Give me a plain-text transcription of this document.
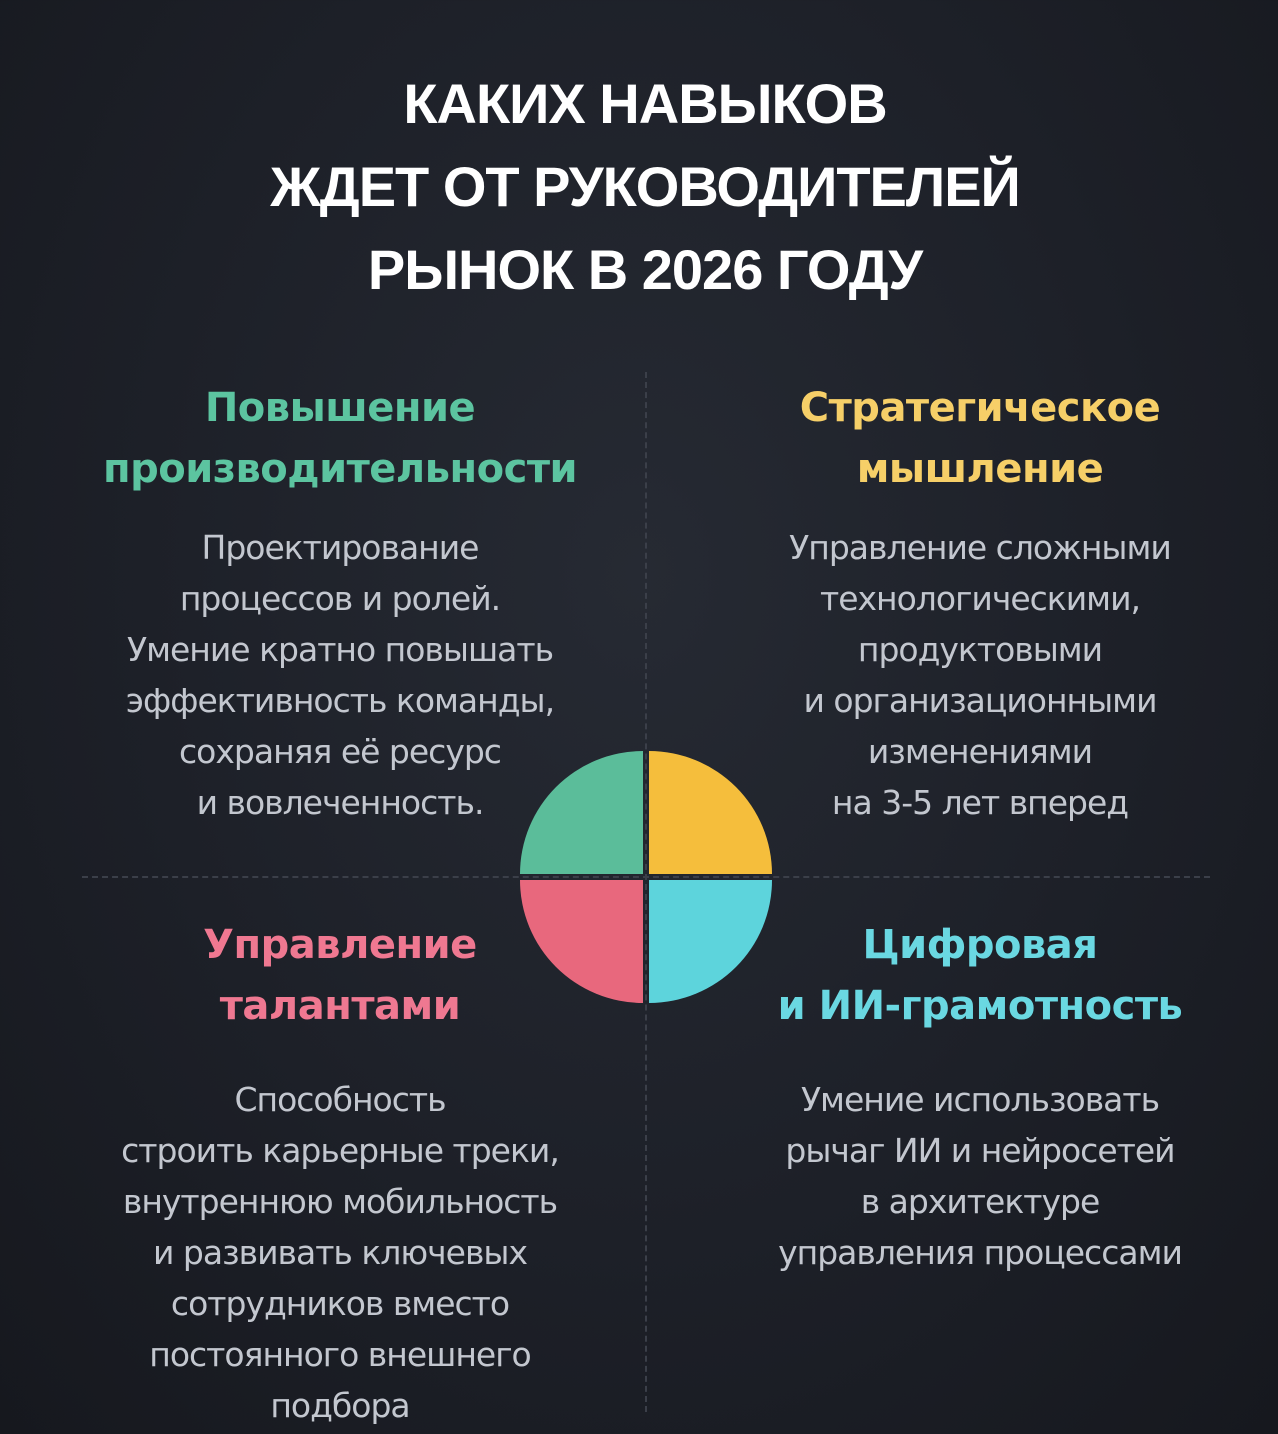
КАКИХ НАВЫКОВ
ЖДЕТ ОТ РУКОВОДИТЕЛЕЙ
РЫНОК В 2026 ГОДУ
Повышение
производительности

Проектирование
процессов и ролей.
Умение кратно повышать
эффективность команды,
сохраняя её ресурс
и вовлеченность.

Стратегическое
мышление

Управление сложными
технологическими,
продуктовыми
и организационными
изменениями
на 3-5 лет вперед

Управление
талантами

Способность
строить карьерные треки,
внутреннюю мобильность
и развивать ключевых
сотрудников вместо
постоянного внешнего
подбора

Цифровая
и ИИ-грамотность

Умение использовать
рычаг ИИ и нейросетей
в архитектуре
управления процессами
